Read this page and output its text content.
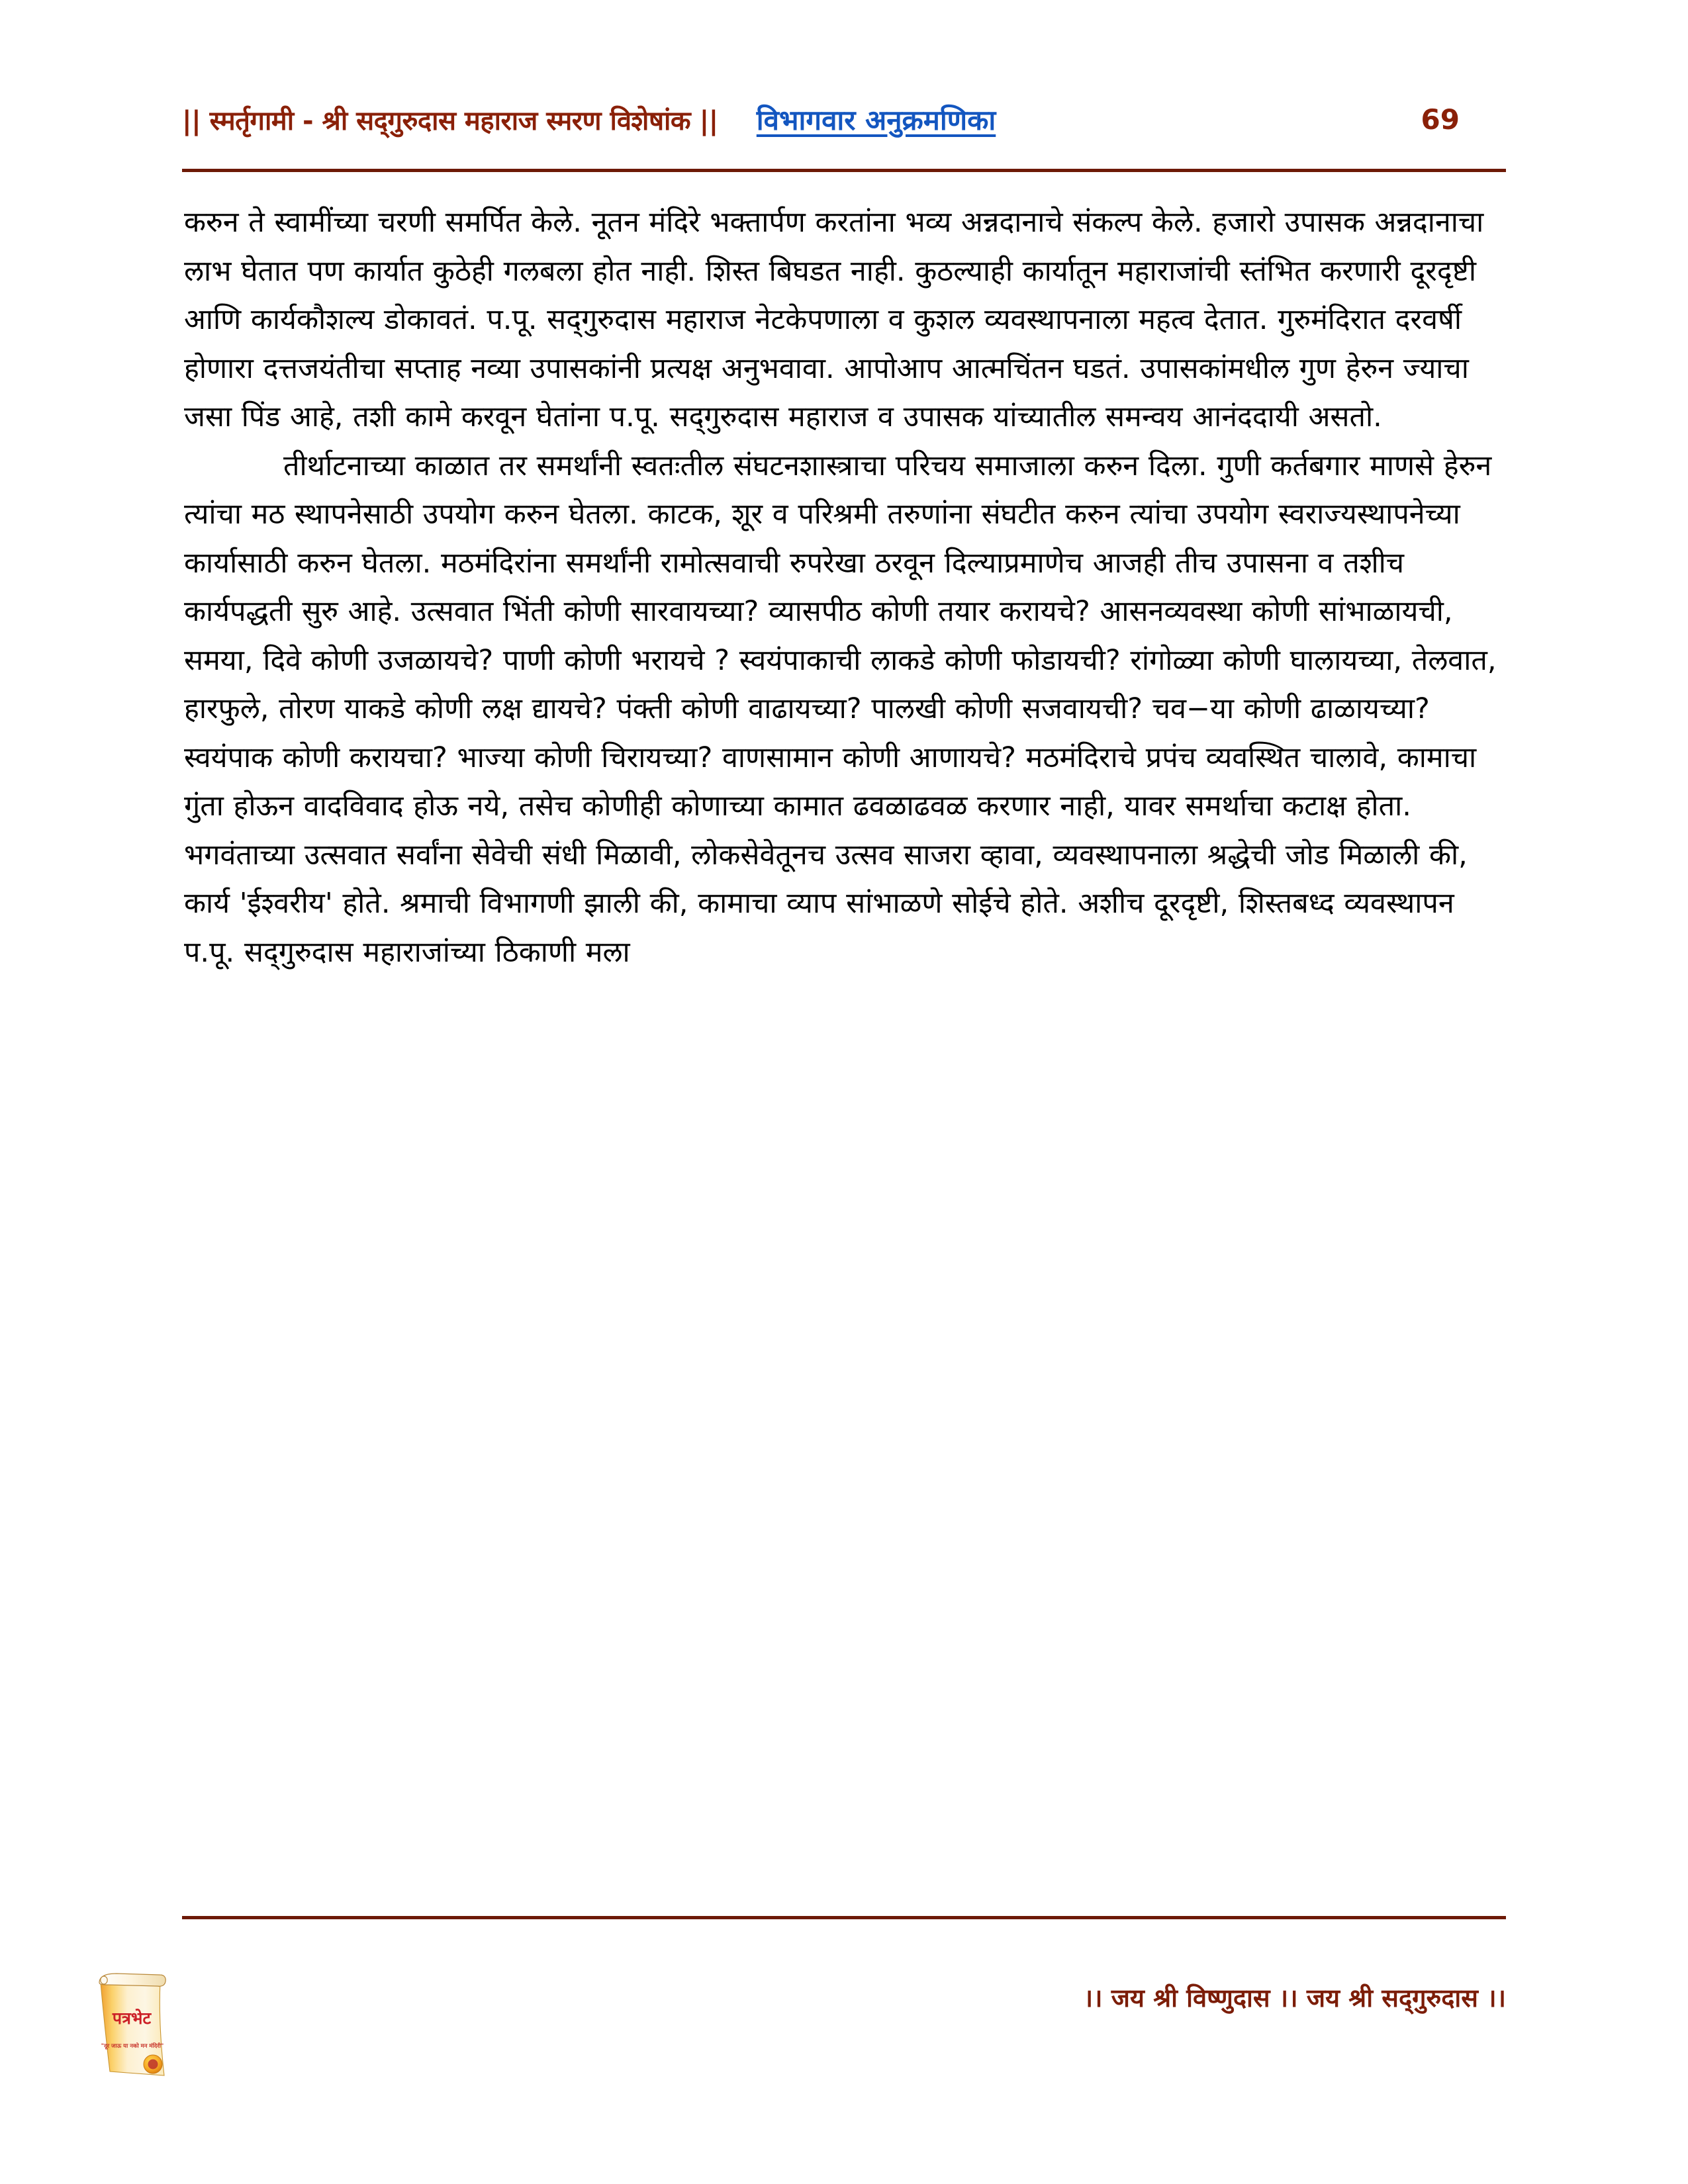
|| स्मर्तृगामी - श्री सद्‌गुरुदास महाराज स्मरण विशेषांक || विभागवार अनुक्रमणिका	69

करुन ते स्वामींच्या चरणी समर्पित केले. नूतन मंदिरे भक्तार्पण करतांना भव्य अन्नदानाचे संकल्प केले. हजारो उपासक अन्नदानाचा लाभ घेतात पण कार्यात कुठेही गलबला होत नाही. शिस्त बिघडत नाही. कुठल्याही कार्यातून महाराजांची स्तंभित करणारी दूरदृष्टी आणि कार्यकौशल्य डोकावतं. प.पू. सद्‌गुरुदास महाराज नेटकेपणाला व कुशल व्यवस्थापनाला महत्व देतात. गुरुमंदिरात दरवर्षी होणारा दत्तजयंतीचा सप्ताह नव्या उपासकांनी प्रत्यक्ष अनुभवावा. आपोआप आत्मचिंतन घडतं. उपासकांमधील गुण हेरुन ज्याचा जसा पिंड आहे, तशी कामे करवून घेतांना प.पू. सद्‌गुरुदास महाराज व उपासक यांच्यातील समन्वय आनंददायी असतो.

तीर्थाटनाच्या काळात तर समर्थांनी स्वतःतील संघटनशास्त्राचा परिचय समाजाला करुन दिला. गुणी कर्तबगार माणसे हेरुन त्यांचा मठ स्थापनेसाठी उपयोग करुन घेतला. काटक, शूर व परिश्रमी तरुणांना संघटीत करुन त्यांचा उपयोग स्वराज्यस्थापनेच्या कार्यासाठी करुन घेतला. मठमंदिरांना समर्थांनी रामोत्सवाची रुपरेखा ठरवून दिल्याप्रमाणेच आजही तीच उपासना व तशीच कार्यपद्धती सुरु आहे. उत्सवात भिंती कोणी सारवायच्या? व्यासपीठ कोणी तयार करायचे? आसनव्यवस्था कोणी सांभाळायची, समया, दिवे कोणी उजळायचे? पाणी कोणी भरायचे ? स्वयंपाकाची लाकडे कोणी फोडायची? रांगोळ्या कोणी घालायच्या, तेलवात, हारफुले, तोरण याकडे कोणी लक्ष द्यायचे? पंक्ती कोणी वाढायच्या? पालखी कोणी सजवायची? चव−या कोणी ढाळायच्या? स्वयंपाक कोणी करायचा? भाज्या कोणी चिरायच्या? वाणसामान कोणी आणायचे? मठमंदिराचे प्रपंच व्यवस्थित चालावे, कामाचा गुंता होऊन वादविवाद होऊ नये, तसेच कोणीही कोणाच्या कामात ढवळाढवळ करणार नाही, यावर समर्थाचा कटाक्ष होता. भगवंताच्या उत्सवात सर्वांना सेवेची संधी मिळावी, लोकसेवेतूनच उत्सव साजरा व्हावा, व्यवस्थापनाला श्रद्धेची जोड मिळाली की, कार्य 'ईश्वरीय' होते. श्रमाची विभागणी झाली की, कामाचा व्याप सांभाळणे सोईचे होते. अशीच दूरदृष्टी, शिस्तबध्द व्यवस्थापन प.पू. सद्‌गुरुदास महाराजांच्या ठिकाणी मला

पत्रभेट
"दूर जाऊ या नको मन मंदिरी"
।। जय श्री विष्णुदास ।। जय श्री सद्‌गुरुदास ।।
